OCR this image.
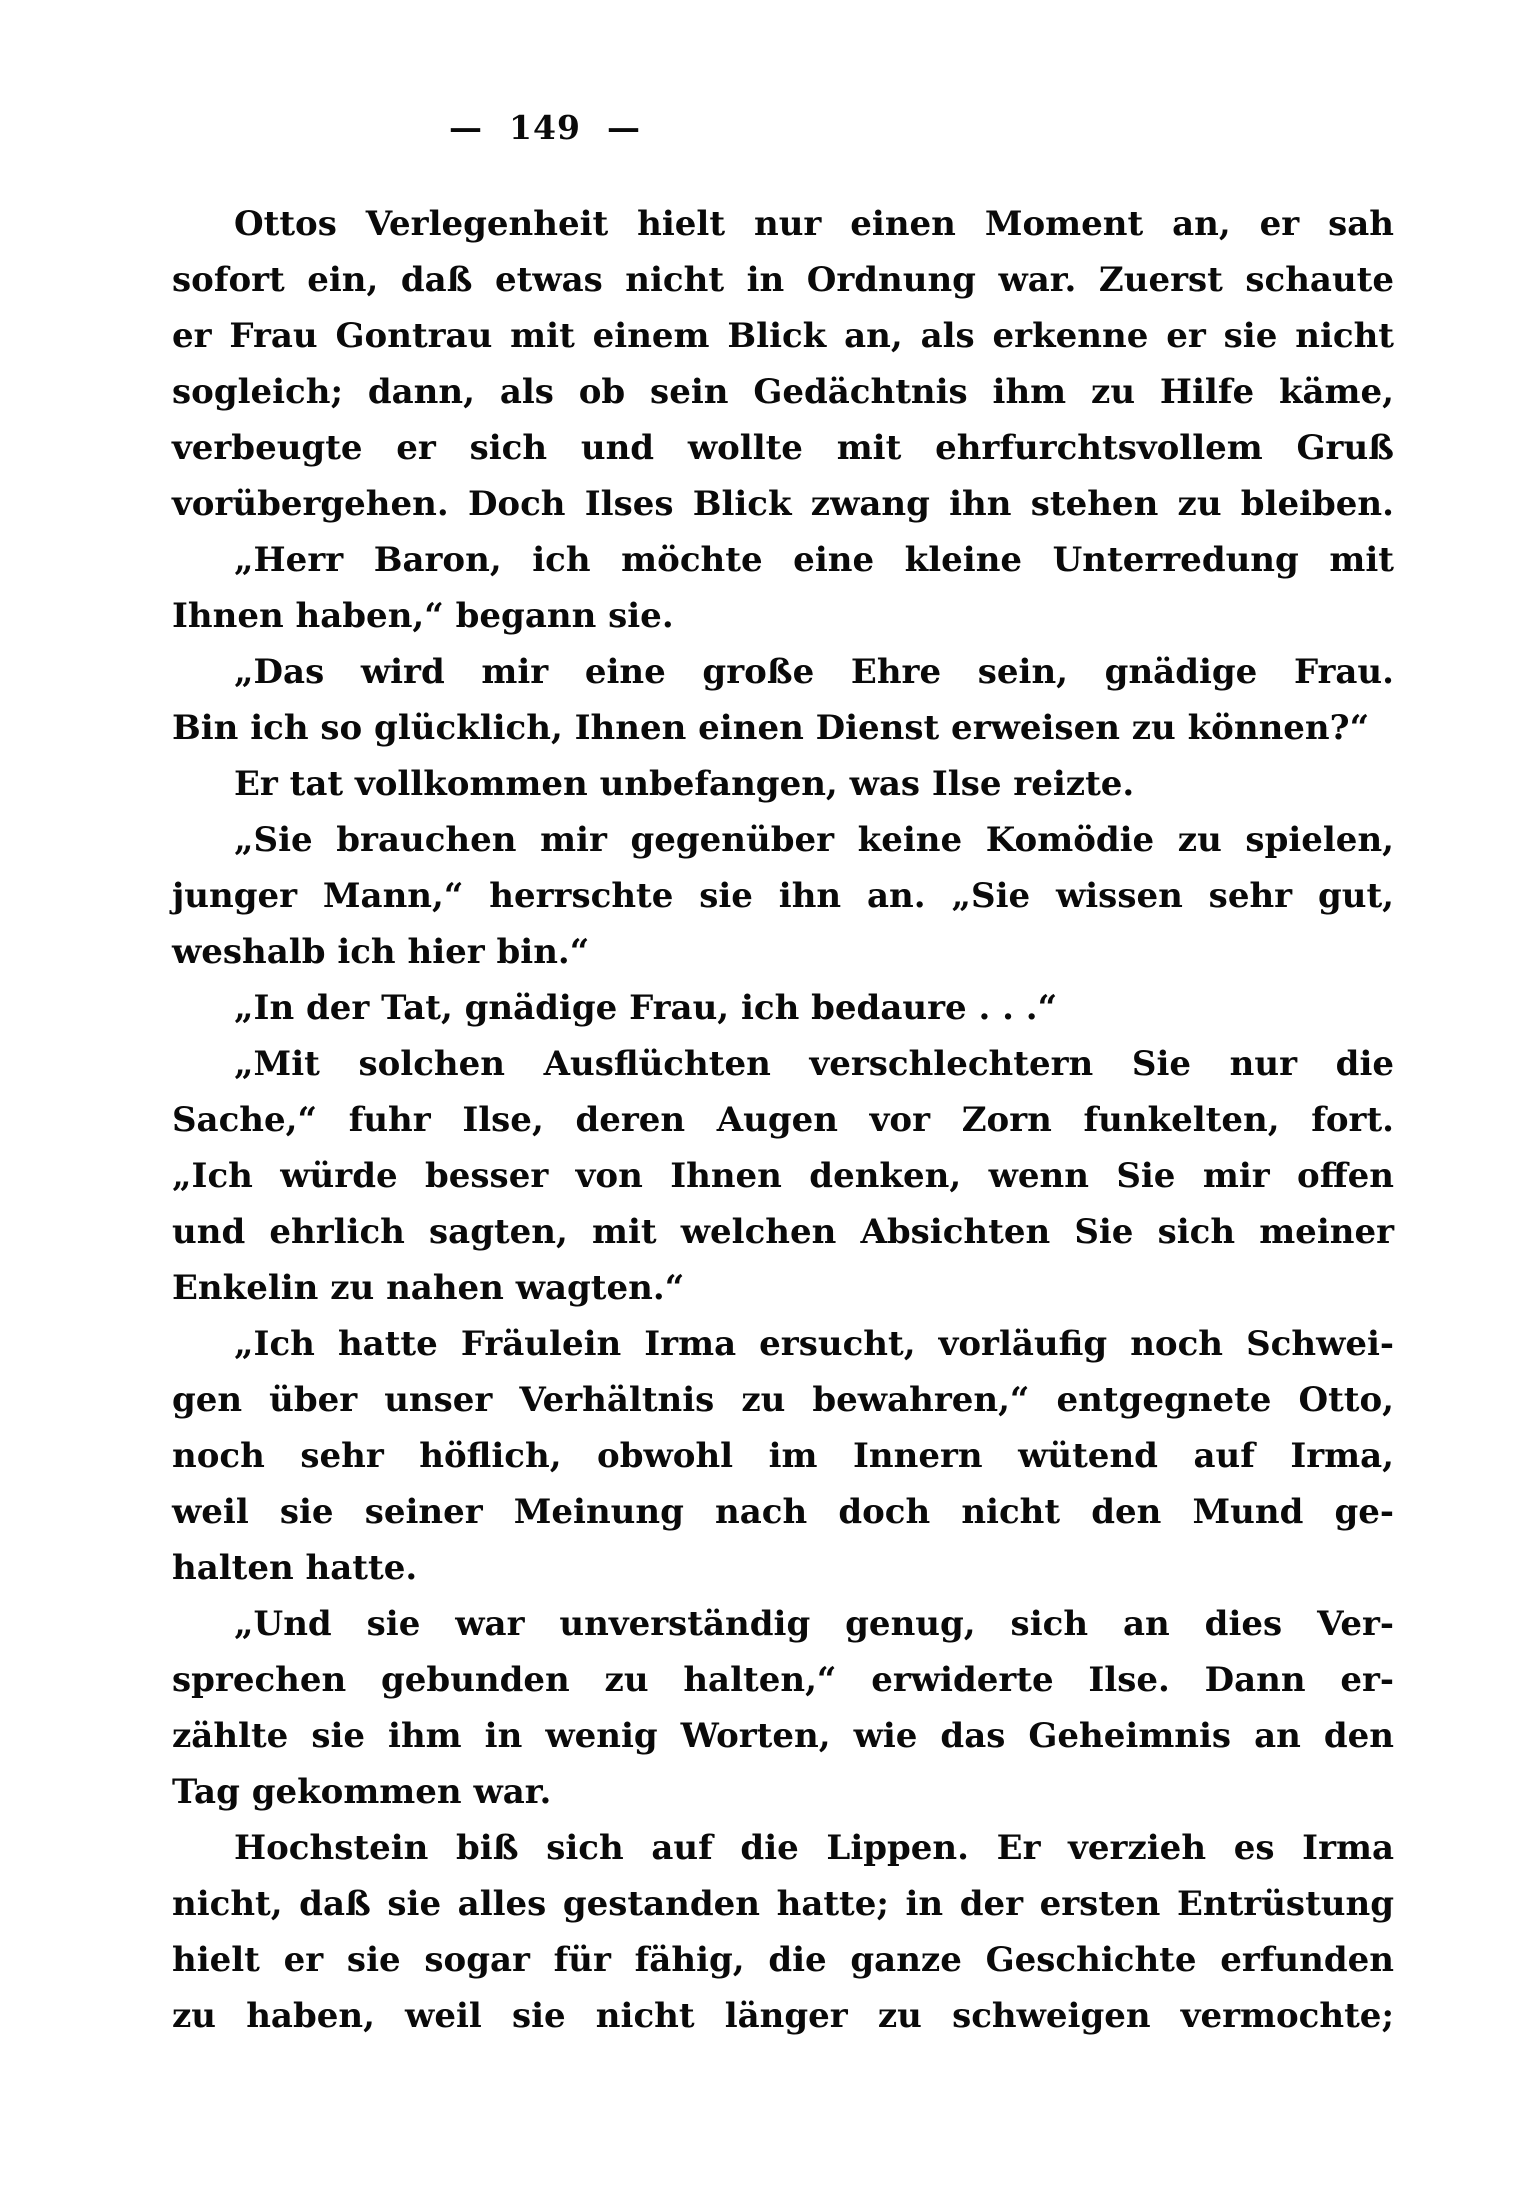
— 149 —
Ottos Verlegenheit hielt nur einen Moment an, er sah
sofort ein, daß etwas nicht in Ordnung war. Zuerst schaute
er Frau Gontrau mit einem Blick an, als erkenne er sie nicht
sogleich; dann, als ob sein Gedächtnis ihm zu Hilfe käme,
verbeugte er sich und wollte mit ehrfurchtsvollem Gruß
vorübergehen. Doch Ilses Blick zwang ihn stehen zu bleiben.
„Herr Baron, ich möchte eine kleine Unterredung mit
Ihnen haben,“ begann sie.
„Das wird mir eine große Ehre sein, gnädige Frau.
Bin ich so glücklich, Ihnen einen Dienst erweisen zu können?“
Er tat vollkommen unbefangen, was Ilse reizte.
„Sie brauchen mir gegenüber keine Komödie zu spielen,
junger Mann,“ herrschte sie ihn an. „Sie wissen sehr gut,
weshalb ich hier bin.“
„In der Tat, gnädige Frau, ich bedaure . . .“
„Mit solchen Ausflüchten verschlechtern Sie nur die
Sache,“ fuhr Ilse, deren Augen vor Zorn funkelten, fort.
„Ich würde besser von Ihnen denken, wenn Sie mir offen
und ehrlich sagten, mit welchen Absichten Sie sich meiner
Enkelin zu nahen wagten.“
„Ich hatte Fräulein Irma ersucht, vorläufig noch Schwei-
gen über unser Verhältnis zu bewahren,“ entgegnete Otto,
noch sehr höflich, obwohl im Innern wütend auf Irma,
weil sie seiner Meinung nach doch nicht den Mund ge-
halten hatte.
„Und sie war unverständig genug, sich an dies Ver-
sprechen gebunden zu halten,“ erwiderte Ilse. Dann er-
zählte sie ihm in wenig Worten, wie das Geheimnis an den
Tag gekommen war.
Hochstein biß sich auf die Lippen. Er verzieh es Irma
nicht, daß sie alles gestanden hatte; in der ersten Entrüstung
hielt er sie sogar für fähig, die ganze Geschichte erfunden
zu haben, weil sie nicht länger zu schweigen vermochte;
